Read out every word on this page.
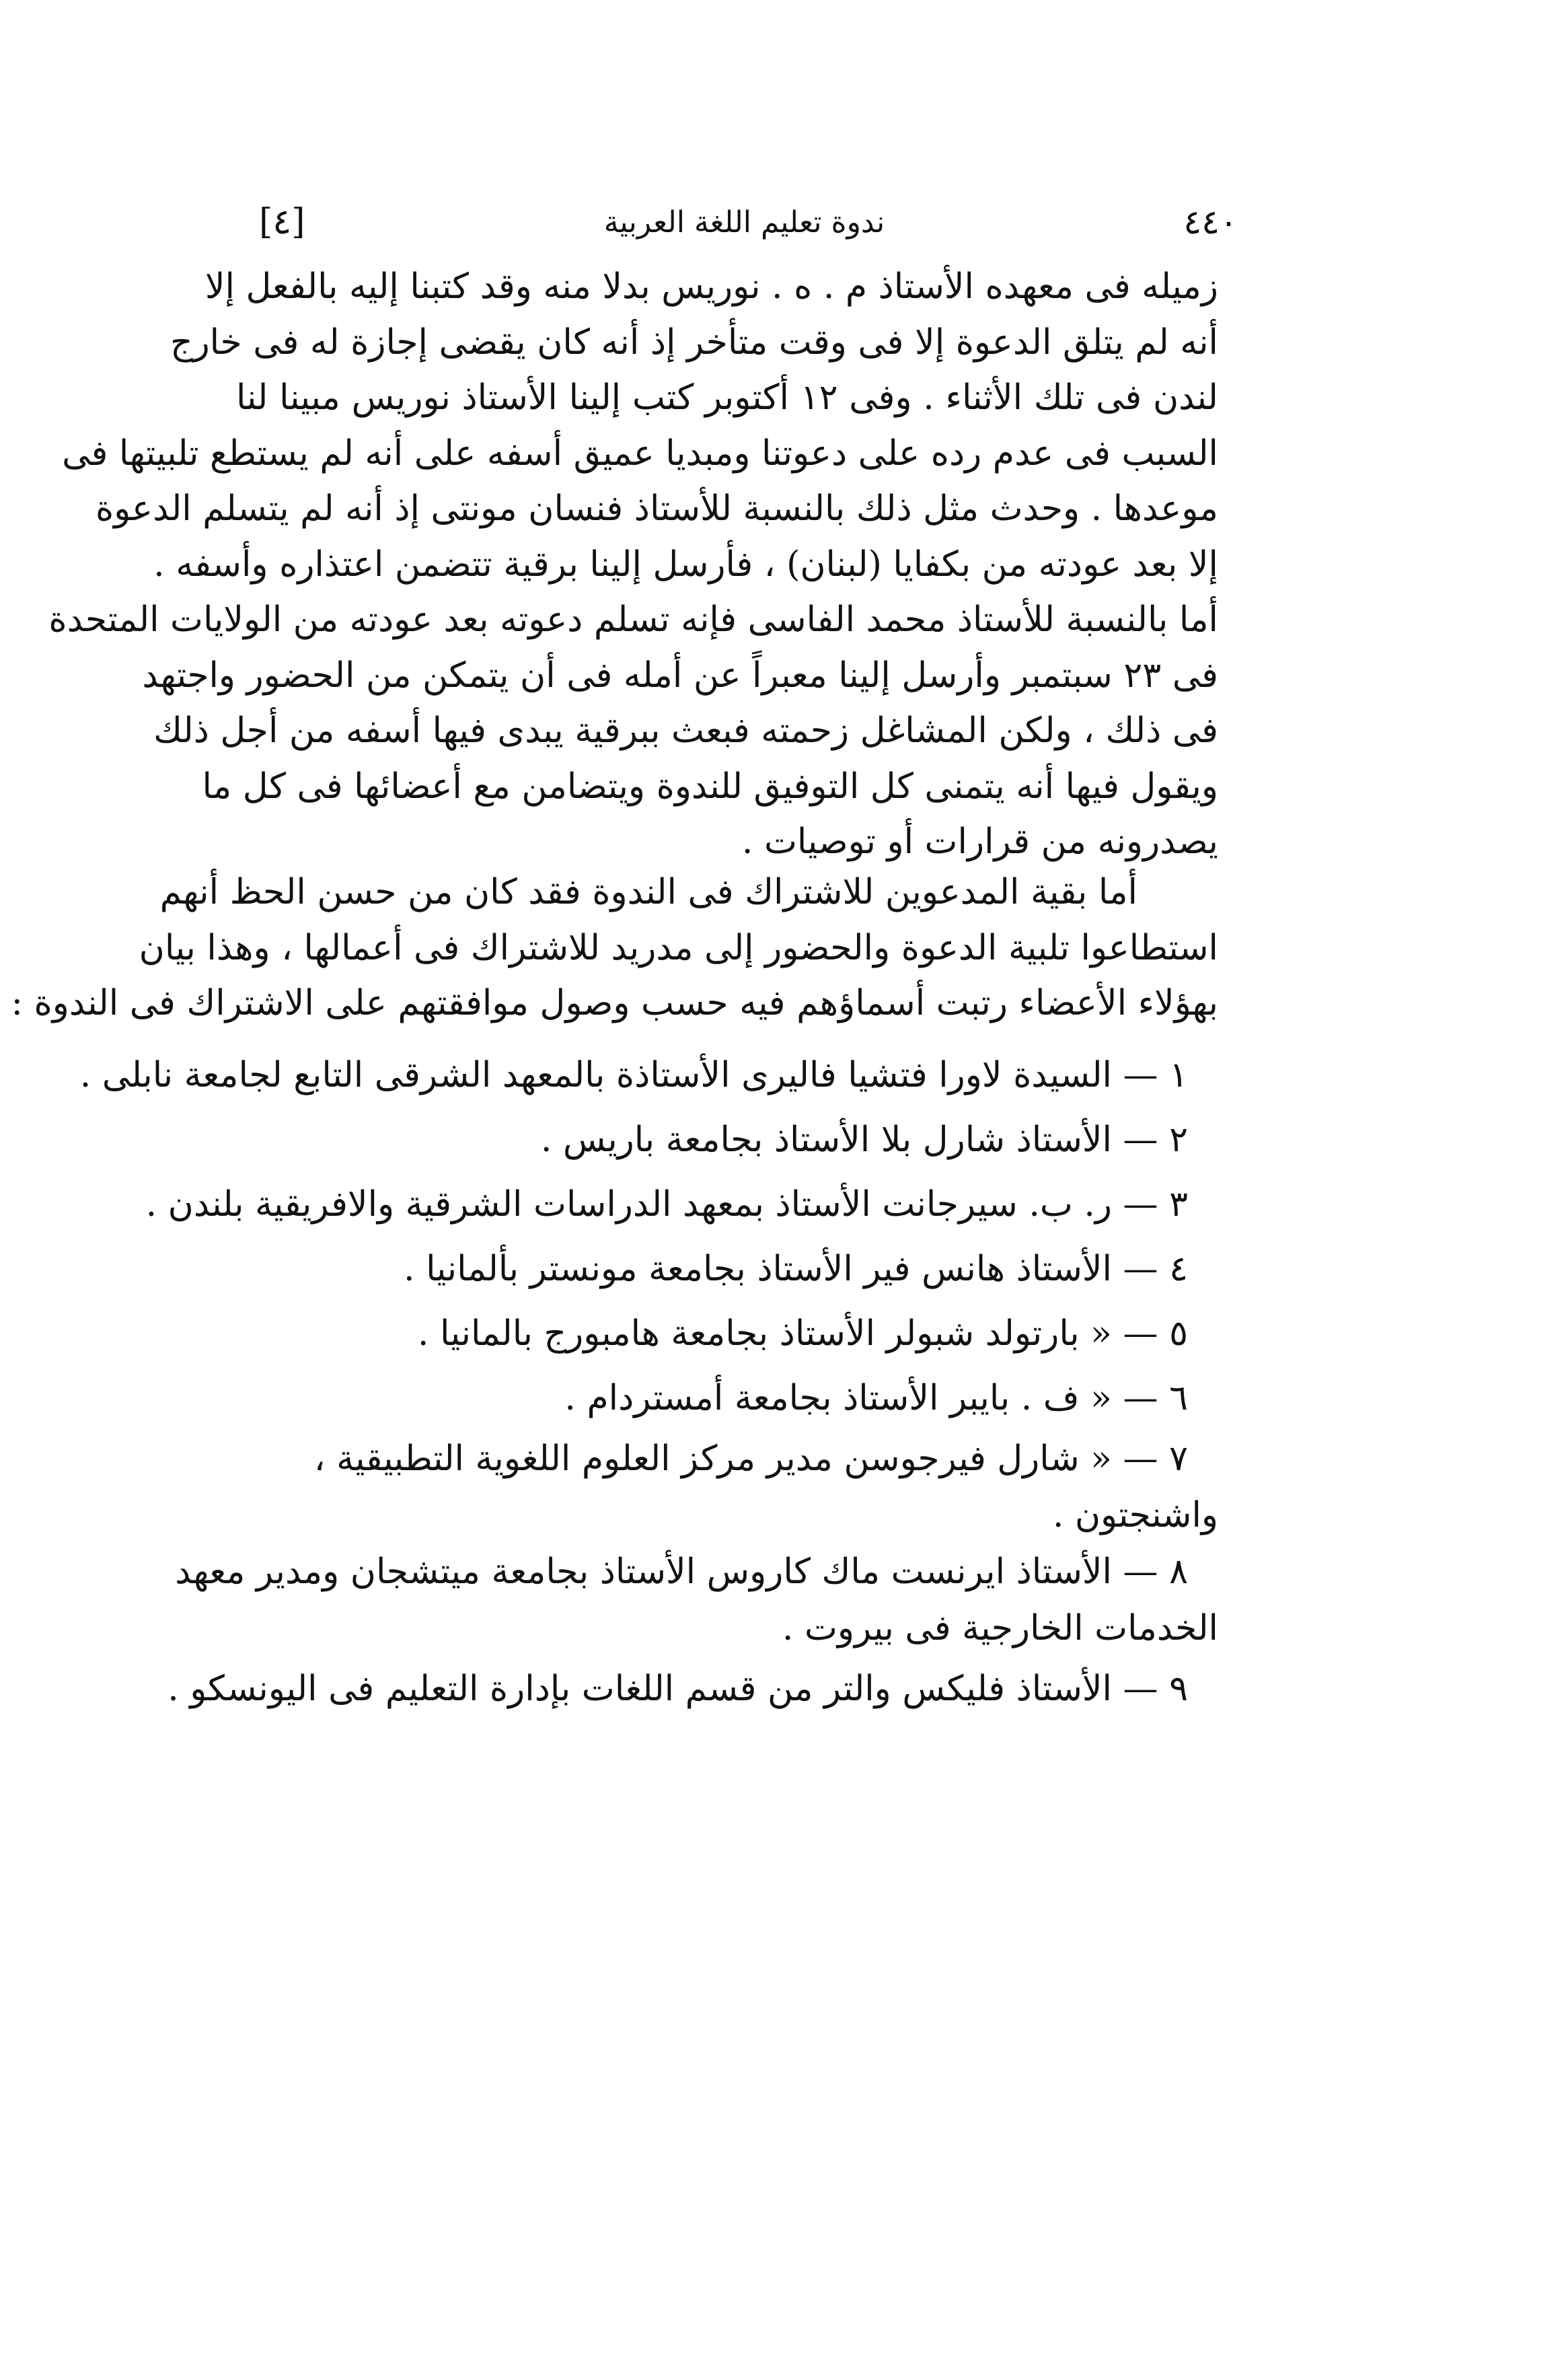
[٤]	ندوة تعليم اللغة العربية	٤٤٠
زميله فى معهده الأستاذ م . ه . نوريس بدلا منه وقد كتبنا إليه بالفعل إلا
أنه لم يتلق الدعوة إلا فى وقت متأخر إذ أنه كان يقضى إجازة له فى خارج
لندن فى تلك الأثناء . وفى ١٢ أكتوبر كتب إلينا الأستاذ نوريس مبينا لنا
السبب فى عدم رده على دعوتنا ومبديا عميق أسفه على أنه لم يستطع تلبيتها فى
موعدها . وحدث مثل ذلك بالنسبة للأستاذ فنسان مونتى إذ أنه لم يتسلم الدعوة
إلا بعد عودته من بكفايا (لبنان) ، فأرسل إلينا برقية تتضمن اعتذاره وأسفه .
أما بالنسبة للأستاذ محمد الفاسى فإنه تسلم دعوته بعد عودته من الولايات المتحدة
فى ٢٣ سبتمبر وأرسل إلينا معبراً عن أمله فى أن يتمكن من الحضور واجتهد
فى ذلك ، ولكن المشاغل زحمته فبعث ببرقية يبدى فيها أسفه من أجل ذلك
ويقول فيها أنه يتمنى كل التوفيق للندوة ويتضامن مع أعضائها فى كل ما
يصدرونه من قرارات أو توصيات .
أما بقية المدعوين للاشتراك فى الندوة فقد كان من حسن الحظ أنهم
استطاعوا تلبية الدعوة والحضور إلى مدريد للاشتراك فى أعمالها ، وهذا بيان
بهؤلاء الأعضاء رتبت أسماؤهم فيه حسب وصول موافقتهم على الاشتراك فى الندوة :
١ — السيدة لاورا فتشيا فاليرى الأستاذة بالمعهد الشرقى التابع لجامعة نابلى .
٢ — الأستاذ شارل بلا الأستاذ بجامعة باريس .
٣ — ر. ب. سيرجانت الأستاذ بمعهد الدراسات الشرقية والافريقية بلندن .
٤ — الأستاذ هانس فير الأستاذ بجامعة مونستر بألمانيا .
٥ — « بارتولد شبولر الأستاذ بجامعة هامبورج بالمانيا .
٦ — « ف . بايبر الأستاذ بجامعة أمستردام .
٧ — « شارل فيرجوسن مدير مركز العلوم اللغوية التطبيقية ،
واشنجتون .
٨ — الأستاذ ايرنست ماك كاروس الأستاذ بجامعة ميتشجان ومدير معهد
الخدمات الخارجية فى بيروت .
٩ — الأستاذ فليكس والتر من قسم اللغات بإدارة التعليم فى اليونسكو .
